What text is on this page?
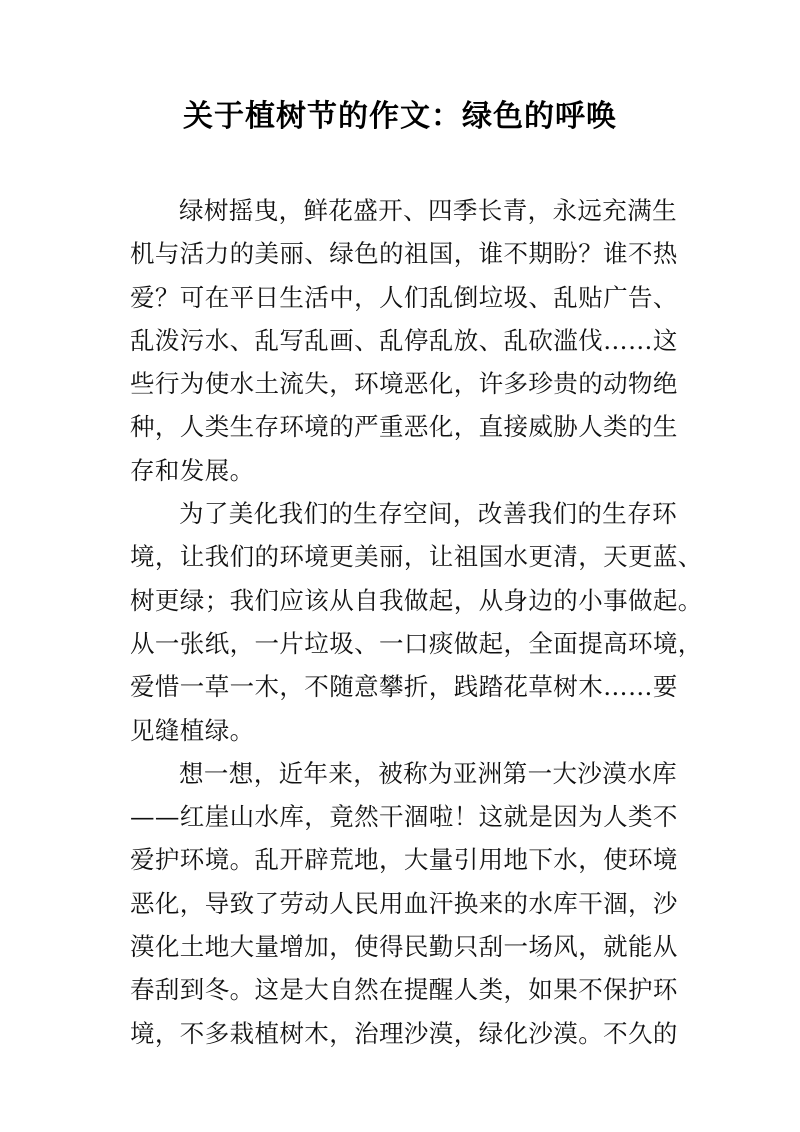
关于植树节的作文：绿色的呼唤
绿树摇曳，鲜花盛开、四季长青，永远充满生
机与活力的美丽、绿色的祖国，谁不期盼？谁不热
爱？可在平日生活中，人们乱倒垃圾、乱贴广告、
乱泼污水、乱写乱画、乱停乱放、乱砍滥伐……这
些行为使水土流失，环境恶化，许多珍贵的动物绝
种，人类生存环境的严重恶化，直接威胁人类的生
存和发展。
为了美化我们的生存空间，改善我们的生存环
境，让我们的环境更美丽，让祖国水更清，天更蓝、
树更绿；我们应该从自我做起，从身边的小事做起。
从一张纸，一片垃圾、一口痰做起，全面提高环境，
爱惜一草一木，不随意攀折，践踏花草树木……要
见缝植绿。
想一想，近年来，被称为亚洲第一大沙漠水库
——红崖山水库，竟然干涸啦！这就是因为人类不
爱护环境。乱开辟荒地，大量引用地下水，使环境
恶化，导致了劳动人民用血汗换来的水库干涸，沙
漠化土地大量增加，使得民勤只刮一场风，就能从
春刮到冬。这是大自然在提醒人类，如果不保护环
境，不多栽植树木，治理沙漠，绿化沙漠。不久的
